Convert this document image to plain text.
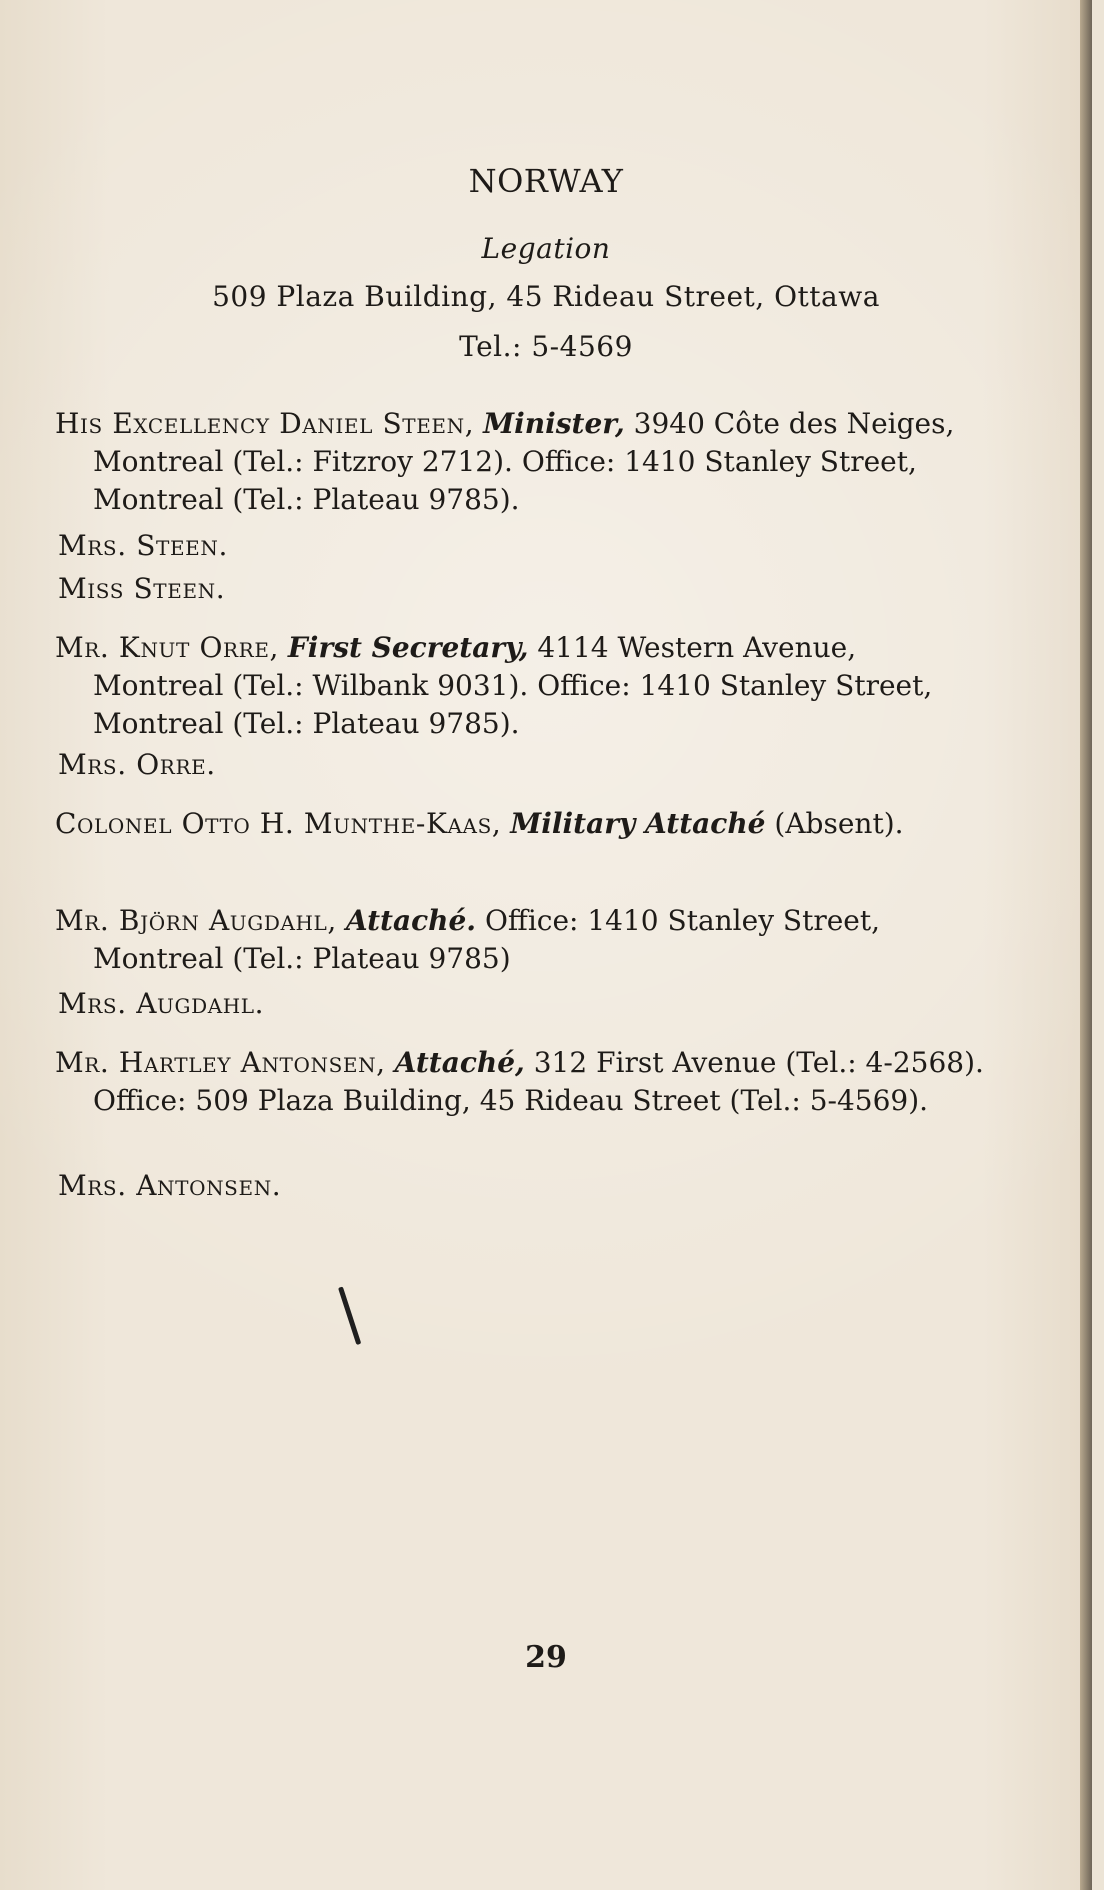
NORWAY
Legation
509 Plaza Building, 45 Rideau Street, Ottawa
Tel.: 5-4569
His Excellency Daniel Steen, Minister, 3940 Côte des Neiges, Montreal (Tel.: Fitzroy 2712). Office: 1410 Stanley Street, Montreal (Tel.: Plateau 9785).
Mrs. Steen.
Miss Steen.
Mr. Knut Orre, First Secretary, 4114 Western Avenue, Montreal (Tel.: Wilbank 9031). Office: 1410 Stanley Street, Montreal (Tel.: Plateau 9785).
Mrs. Orre.
Colonel Otto H. Munthe-Kaas, Military Attaché (Absent).
Mr. Björn Augdahl, Attaché. Office: 1410 Stanley Street, Montreal (Tel.: Plateau 9785)
Mrs. Augdahl.
Mr. Hartley Antonsen, Attaché, 312 First Avenue (Tel.: 4-2568). Office: 509 Plaza Building, 45 Rideau Street (Tel.: 5-4569).
Mrs. Antonsen.
29
